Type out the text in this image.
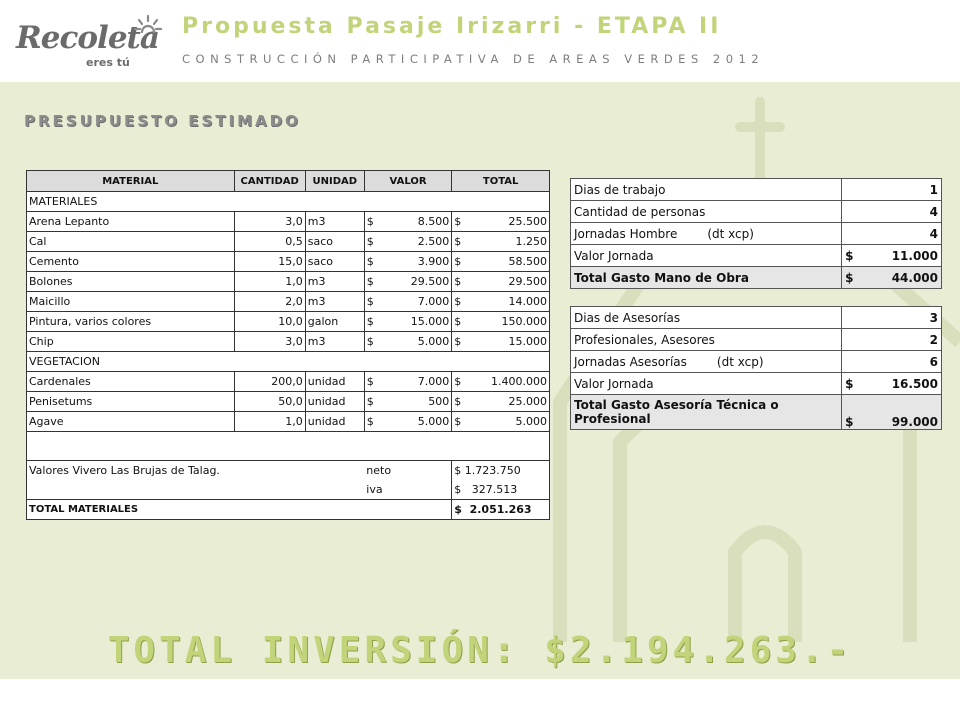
Recoleta
eres tú
Propuesta Pasaje Irizarri - ETAPA II
CONSTRUCCIÓN PARTICIPATIVA DE AREAS VERDES 2012
PRESUPUESTO ESTIMADO
MATERIAL	CANTIDAD	UNIDAD	VALOR	TOTAL
MATERIALES				
Arena Lepanto	3,0	m3	$ 8.500	$ 25.500

Cal	0,5	saco	$ 2.500	$ 1.250

Cemento	15,0	saco	$ 3.900	$ 58.500

Bolones	1,0	m3	$ 29.500	$ 29.500

Maicillo	2,0	m3	$ 7.000	$ 14.000

Pintura, varios colores	10,0	galon	$ 15.000	$ 150.000

Chip	3,0	m3	$ 5.000	$ 15.000

VEGETACION				
Cardenales	200,0	unidad	$ 7.000	$ 1.400.000

Penisetums	50,0	unidad	$ 500	$ 25.000

Agave	1,0	unidad	$ 5.000	$ 5.000

Valores Vivero Las Brujas de Talag.			neto	$ 1.723.750
			iva	$   327.513
TOTAL MATERIALES				$  2.051.263
Dias de trabajo	1
Cantidad de personas	4
Jornadas Hombre (dt xcp)	4
Valor Jornada	$ 11.000

Total Gasto Mano de Obra	$ 44.000
Dias de Asesorías	3
Profesionales, Asesores	2
Jornadas Asesorías (dt xcp)	6
Valor Jornada	$ 16.500

Total Gasto Asesoría Técnica o Profesional	$ 99.000
TOTAL INVERSIÓN: $2.194.263.-
